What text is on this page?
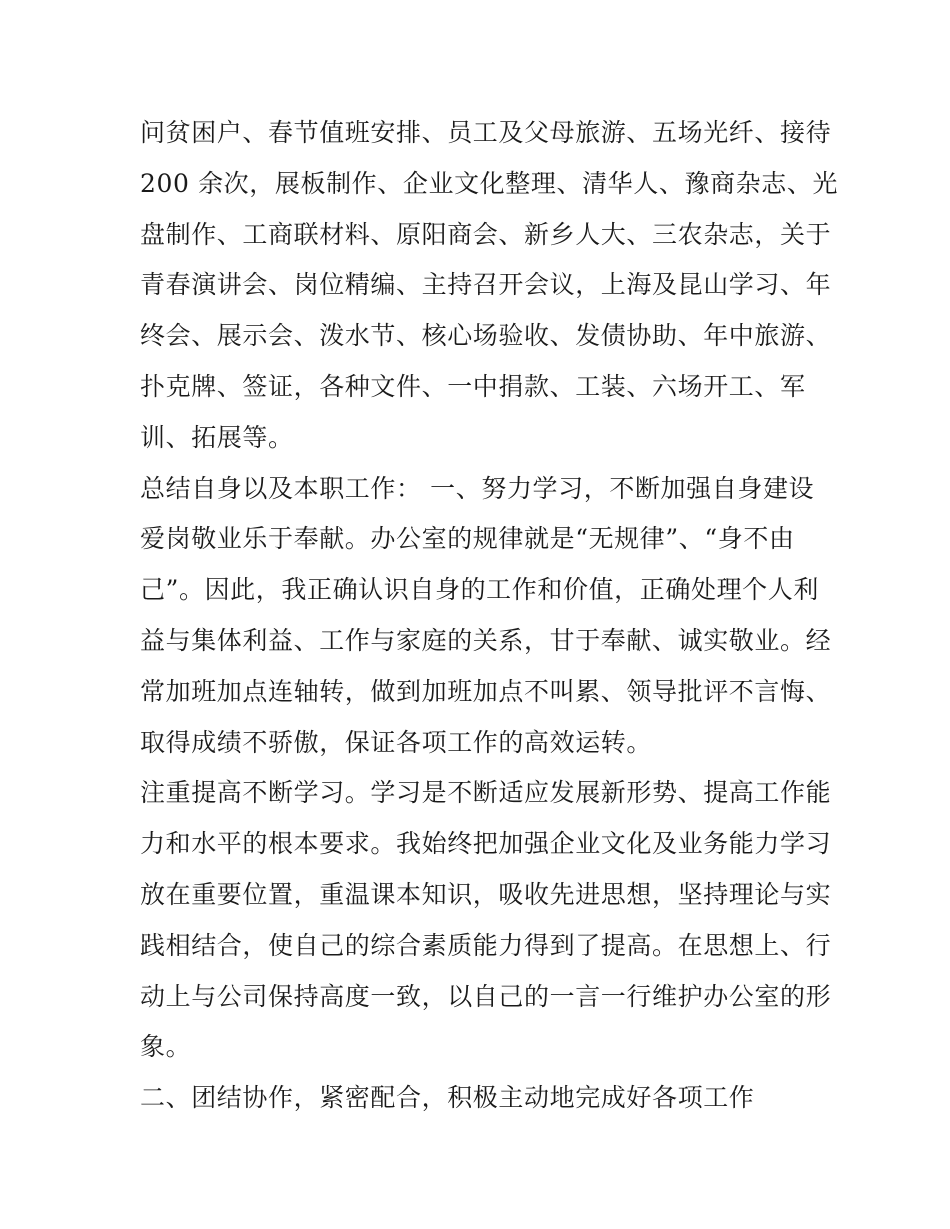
问贫困户、春节值班安排、员工及父母旅游、五场光纤、接待
200 余次，展板制作、企业文化整理、清华人、豫商杂志、光
盘制作、工商联材料、原阳商会、新乡人大、三农杂志，关于
青春演讲会、岗位精编、主持召开会议，上海及昆山学习、年
终会、展示会、泼水节、核心场验收、发债协助、年中旅游、
扑克牌、签证，各种文件、一中捐款、工装、六场开工、军
训、拓展等。
总结自身以及本职工作： 一、努力学习，不断加强自身建设
爱岗敬业乐于奉献。办公室的规律就是“无规律”、“身不由
己”。因此，我正确认识自身的工作和价值，正确处理个人利
益与集体利益、工作与家庭的关系，甘于奉献、诚实敬业。经
常加班加点连轴转，做到加班加点不叫累、领导批评不言悔、
取得成绩不骄傲，保证各项工作的高效运转。
注重提高不断学习。学习是不断适应发展新形势、提高工作能
力和水平的根本要求。我始终把加强企业文化及业务能力学习
放在重要位置，重温课本知识，吸收先进思想，坚持理论与实
践相结合，使自己的综合素质能力得到了提高。在思想上、行
动上与公司保持高度一致，以自己的一言一行维护办公室的形
象。
二、团结协作，紧密配合，积极主动地完成好各项工作
